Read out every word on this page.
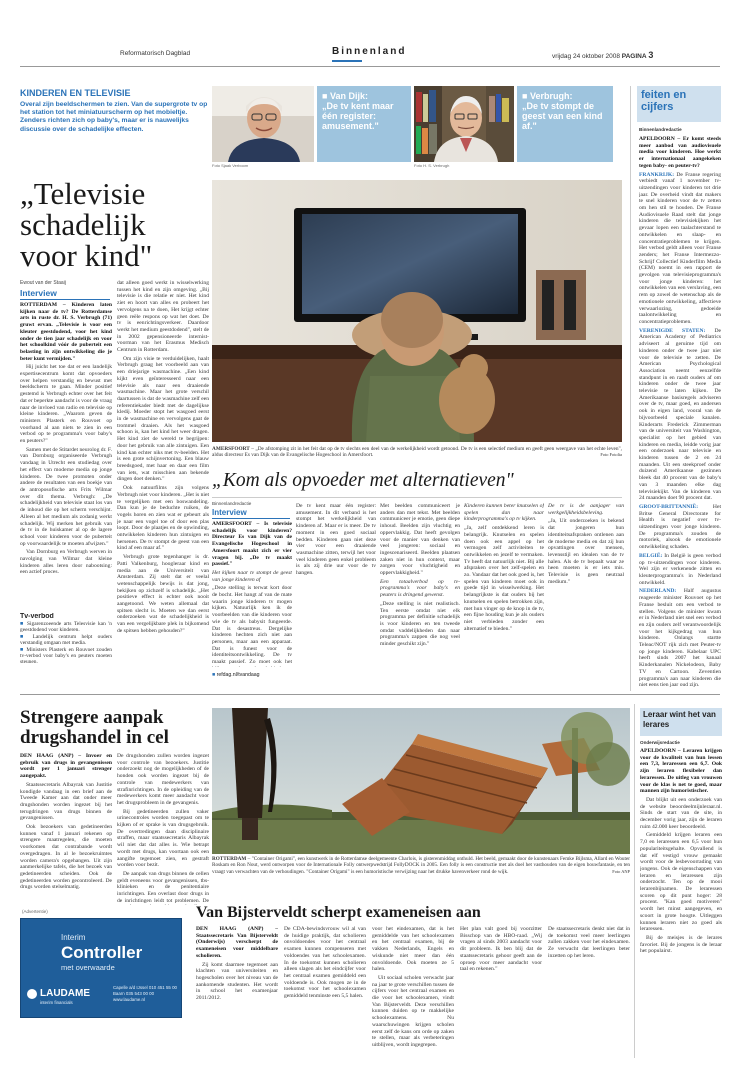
Reformatorisch Dagblad	Binnenland	vrijdag 24 oktober 2008 PAGINA 3
KINDEREN EN TELEVISIE
Overal zijn beeldschermen te zien. Van de supergrote tv op het station tot het miniatuurscherm op het mobieltje. Zenders richten zich op baby's, maar er is nauwelijks discussie over de schadelijke effecten.
Foto Sjaak Verboom
■ Van Dijk:
„De tv kent maar één register: amusement."
Foto H. S. Verbrugh
■ Verbrugh:
„De tv stompt de geest van een kind af."
feiten en
cijfers
Binnenlandredactie

APELDOORN – Er komt steeds meer aanbod van audiovisuele media voor kinderen. Hoe werkt er internationaal aangekeken tegen baby- en peuter-tv?

FRANKRIJK: De Franse regering verbiedt vanaf 1 november tv-uitzendingen voor kinderen tot drie jaar. De overheid vindt dat makers te snel kinderen voor de tv zetten om hen stil te houden. De Franse Audiovisuele Raad stelt dat jonge kinderen die televisiekijken het gevaar lopen een taalachterstand te ontwikkelen en slaap- en concentratieproblemen te krijgen. Het verbod geldt alleen voor Franse zenders; het Franse Intermezzo-Schrijf Collectief Kinderfilm Media (CEM) noemt in een rapport de gevolgen van televisieprogramma's voor jonge kinderen: het ontwikkelen van een verslaving, een rem op zowel de wetenschap als de emotionele ontwikkeling, affectieve verwaarlozing, gedoeide taalontwikkeling en concentratieproblemen.

VERENIGDE STATEN: De American Academy of Pediatrics adviseert al geruime tijd om kinderen onder de twee jaar niet voor de televisie te zetten. De American Psychological Association neemt eenzelfde standpunt in en raadt ouders af om kinderen onder de twee jaar televisie te laten kijken. De Amerikaanse basisregels adviseren over de tv, maar goed, en andersen ook in eigen land, vooral van de bijvoorbeeld speciale kanalen. Kinderarts Frederick Zimmerman van de universiteit van Washington, specialist op het gebied van kinderen en media, leidde vorig jaar een onderzoek naar televisie en kinderen tussen de 2 en 24 maanden. Uit een steekproef onder duizend Amerikaanse gezinnen bleek dat 40 procent van de baby's van 3 maanden elke dag televisiekijkt. Van de kinderen van 24 maanden doet 90 procent dat.

GROOT-BRITTANNIË:	Het Britse General Directorate for Health is negatief over tv-uitzendingen voor jonge kinderen. De programma's zouden de motoriek, alsook de emotionele ontwikkeling schaden.

BELGIË: In België is geen verbod op tv-uitzendingen voor kinderen. Wel zijn er verkenende zitten en kleuterprogramma's in Nederland ontwikkeld.

NEDERLAND: Half augustus reageerde minister Rouvoet op het Franse besluit om een verbod te stellen. Volgens de minister kwam er in Nederland niet snel een verbod en zijn ouders zelf verantwoordelijk voor het kijkgedrag van hun kinderen. Onlangs startte Teleac/NOT rijk zich met Peuter-tv op jonge kinderen. Kabelaar UPC heeft sinds 2007 het kanaal Kinderkanalen Nickelodeon, Baby TV en Cartoon. Zeventien programma's aan naar kinderen die niet eens tien jaar oud zijn.

„Televisie schadelijk voor kind"
AMERSFOORT – „De afstomping zit in het feit dat op de tv slechts een deel van de werkelijkheid wordt getoond. De tv is een selectief medium en geeft geen weergave van het echte leven", aldus directeur Es van Dijk van de Evangelische Hogeschool in Amersfoort.	Foto Fotolia
Ewout van der Staaij
Interview

ROTTERDAM – Kinderen laten kijken naar de tv? De Rotterdamse arts in ruste dr. H. S. Verbrugh (71) gruwt ervan. „Televisie is voor een kleuter geestdodend, voor het kind onder de tien jaar schadelijk en voor het schoolkind vóór de puberteit een belasting in zijn ontwikkeling die je beter kunt vermijden."

Hij juicht het toe dat er een landelijk expertisecentrum komt dat opvoeders over helpen verstandig en bewust met beeldscherm te gaan. Minder positief gestemd is Verbrugh echter over het feit dat er beperkte aandacht is voor de vraag naar de invloed van radio en televisie op kleine kinderen. „Waarom geven de ministers Plasterk en Rouvoet op voorhand al aan niets te zien in een verbod op te programma's voor baby's en peuters?"

Samen met de Stitardet neurolog dr. F. van Dornburg organiseerde Verbrugh vandaag in Utrecht een studiedag over het effect van moderne media op jonge kinderen. De twee promoten onder andere de resultaten van een boekje van de antroposofische arts Frits Wilmar over dit thema. Verbrugh: „De schadelijkheid van televisie staat los van de inhoud die op het scherm verschijnt. Alleen al het medium als zodanig werkt schadelijk. Wij merken het gebruik van de tv in de huiskamer al op de lagere school voor kinderen voor de puberteit op voorwaardelijk te moeten afwijzen."

Van Dornburg en Verbrugh werven in navolging van Wilmar dat kleine kinderen alles leren door nabootsing: een actief proces.

Tv-verbod
■ Sigarenzoeende arts Telesvisie kan 'n geestdodend voor kinderen.
■ Landelijk centrum helpt ouders verstandig omgaan met media.
■ Ministers Plasterk en Rouvoet zouden tv-verbod voor baby's en peuters moeten steunen.

dat alleen goed werkt in wisselwerking tussen het kind en zijn omgeving. „Bij televisie is die relatie er niet. Het kind ziet en hoort van alles en probeert het vervolgens na te doen, Het krijgt echter geen reële respons op wat het doet. De tv is eenrichtingsverkeer. Daardoor werkt het medium geestdodend", stelt de in 2002 gepensioneerde internist-voorman van het Erasmus Medisch Centrum in Rotterdam.

Om zijn visie te verduidelijken, haalt Verbrugh graag het voorbeeld aan van een driejarige wasmachine. „Een kind kijkt even geïnteresseerd naar een televisie als naar een draaiende wasmachine. Maar het grote verschil daartussen is dat de wasmachine zelf een referentiekader biedt met de dagelijkse kledij. Moeder stopt het wasgoed eerst in de wasmachine en vervolgens gaat de trommel draaien. Als het wasgoed schoon is, kan het kind het weer dragen. Het kind ziet de wereld te begrijpen: door het gebruik van alle zintuigen. Een kind kan echter niks met tv-beelden. Het is een grote schijnvertoning. Een blauw breedsgoed, met haar en daar een film van iets, wat misschien aan bekende dingen doet denken."

Ook natuurfilms zijn volgens Verbrugh niet voor kinderen. „Het is niet te vergelijken met een boswandeling. Dan kun je de beduchte ruiken, de vogels horen en zien wat er gebeurt als je naar een vogel toe of door een plas loopt. Door de plaatjes en de opwinding, ontwikkelen kinderen hun zintuigen en hersenen. De tv stompt de geest van een kind af een maar af."

Verbrugh grote tegenhanger is dr. Patti Valkenburg, hoogleraar kind en media aan de Universiteit van Amsterdam. Zij stelt dat er veelal wetenschappelijk bewijs is dat jong, bekijken op zichzelf is schadelijk. „Het positieve effect is echter ook nooit aangetoond. We weten allemaal dat spitsen slecht is. Moeten we dan eerst onderzoeken wat de schadelijkheid is van een vergelijkbare plek in bijkomend de spitsen hebben gehouden?"

■ refdag.nl/tvandaag
„Kom als opvoeder met alternatieven"
Binnenlandredactie
Interview

AMERSFOORT – Is televisie schadelijk voor kinderen? Directeur Es van Dijk van de Evangelische Hogeschool in Amersfoort maakt zich er vier vragen bij. „De tv maakt passief."

Het kijken naar tv stompt de geest van jonge kinderen af

„Deze stelling is terwat kort door de bocht. Het hangt af van de mate waarin jonge kinderen tv mogen kijken. Natuurlijk ken ik de voorbeelden van die kinderen voor wie de tv als babysit fungeerde. Dat is desastreus. Dergelijke kinderen hechten zich niet aan personen, maar aan een apparaat. Dat is funest voor de identiteitsontwikkeling. De tv maakt passief. Zo moet ook het

De tv kent maar één register: amusement. In dit verband is het stompt het werkelijkheid van kinderen af. Maar er is meer. De tv moment in een goed sociaal bedden. Kinderen gaan niet deze vier voor een draaiende wasmachine zitten, terwijl het voor veel kinderen geen enkel probleem is als zij drie uur voor de tv hangen.

Met beelden communiceert je anders dan met tekst. Met beelden communiceer je emotie, geen diepe inhoud. Beelden zijn vluchtig en oppervlakkig. Dat heeft gevolgen voor de manier van denken van veel jongeren: sociaal en ingescenariseerd. Beelden plaatsen zaken niet in hun context, maar zorgen voor vluchtigheid en oppervlakkigheid."

Een totaalverbod op tv-programma's voor baby's en peuters is dringend gewenst.

„Deze stelling is niet realistisch. Ten eerste omdat niet elk programma per definitie schadelijk is voor kinderen en ten tweede omdat vaddelijkheden dan naar programma's zappen die nog veel minder geschikt zijn."

Kinderen kunnen beter knutselen of spelen dan naar kinderprogramma's op tv kijken.

„Ja, zelf ontdekkend leren is belangrijk. Knutselen en spelen doen ook een appel op het vermogen zelf activiteiten te ontwikkelen en jezelf te vermaken. Tv heeft dat natuurlijk niet. Bij alle afspraken over het zelf-spelen en zo. Vandaar dat het ook goed is, het spelen van kinderen moet ook in goede tijd in wisselwerking. Het belangrijkste is dat ouders bij het knutselen en spelen betrokken zijn, met hun vinger op de knop in de tv, een fijne houding kun je als ouders niet verbieden zonder een alternatief te bieden."

De tv is de aanjager van werkgelijkheidsbeleving.

„Ja, Uit onderzoeken is bekend dat jongeren hun identiteitsafspraken ontlenen aan de moderne media en dat zij hun opvattingen over mensen, levensstijl en idealen van de tv halen. Als de tv bepaalt waar ze heen moeten is er iets mis. Televisie is geen neutraal medium."

Strengere aanpak drugshandel in cel

DEN HAAG (ANP) – Invoer en gebruik van drugs in gevangenissen wordt per 1 januari strenger aangepakt.

Staatssecretaris Albayrak van Justitie kondigde vandaag in een brief aan de Tweede Kamer aan dat onder meer drugshonden worden ingezet bij het terugdringen van drugs binnen de gevangenissen.

Ook bezoekers van gedetineerden kunnen vanaf 1 januari rekenen op strengere maatregelen, die moeten voorkomen dat contrabande wordt overgedragen. In al le bezoekruimtes worden camera's opgehangen. Uit zijn aanmerkelijke tafels, die het bezoek van gedetineerden scheiden. Ook de gedetineerden worden gecontroleerd. De drugs worden stelselmatig.

De drugshonden zullen worden ingezet voor controle van bezoekers. Justitie onderzoekt nog de mogelijkheden of de honden ook worden ingezet bij de controle van medewerkers van strafinrichtingen. In de opleiding van de medewerkers komt meer aandacht voor het drugsprobleem in de gevangenis.

Bij gedetineerden zullen vaker urinecontroles worden toegepast om te kijken of er sprake is van drugsgebruik. De overtredingen daan disciplinaire straffen, maar staatssecretaris Albayrak wil niet dat dat alles is. Wie betrapt wordt met drugs, kan voortaan ook een aangifte tegemoet zien, en gestraft worden voor bezit.

De aanpak van drugs binnen de cellen geldt eveneens voor gevangenissen, tbs-klinieken en de penitentiaire inrichtingen. Een overlast door drugs in de inrichtingen leidt tot problemen. De

ROTTERDAM – "Container Origami", een kunstwerk in de Rotterdamse deelgemeente Charlois, is gisterenmiddag onthuld. Het beeld, gemaakt door de kunstenaars Femke Bijlsma, Allard en Wouter Roskam en Ron Nout, werd ontworpen voor de Internationale Folly ontwerpwedstrijd FollyDOCK in 2005. Een folly is een constructie met als doel het vasthouden van de eigen bouwfantasie, en ten vraagt van verwachten van de verhoudingen. "Container Origami" is een humoristische verwijzing naar het drukke havenverkeer rond de wijk.	Foto ANP
Leraar wint het van lerares
Onderwijsredactie

APELDOORN – Leraren krijgen voor de kwaliteit van hun lessen een 7,3, leraressen een 6,7. Ook zijn leraren flexibeler dan leraressen. De uitleg van vrouwen voor de klas is net te goed, maar mannen zijn humoristischer.

Dat blijkt uit een onderzoek van de website beoordeelmijnleraar.nl. Sinds de start van de site, in december vorig jaar, zijn de leraren ruim 42.000 keer beoordeeld.

Gemiddeld krijgen leraren een 7,0 en leraressen een 6,5 voor hun populariteitsgehalte. Opvallend is dat elf vestigd vrouw gemaakt wordt voor de lesbevoorrading van jongens. Ook de eigenschappen van leraren en leraressen zijn onderzocht. Ten op de mooi lerarenbijnamen. De leraressen scoren op dit punt hoger: 28 procent. "Kan goed motiveren" wordt het minst aangegeven, en scoort in grote hoogte. Uitleggen kunnen leraren niet zo goed als leraressen.

Bij de meisjes is de lerares favoriet. Bij de jongens is de leraar het populairst.

(Advertentie)
Interim
Controller
met overwaarde
Capelle a/d IJssel 010 451 55 00
Baarn 035 543 00 00
www.laudame.nl
LAUDAME
interim financials
Van Bijsterveldt scherpt exameneisen aan

DEN HAAG (ANP) – Staatssecretaris Van Bijsterveldt (Onderwijs) verscherpt de exameneisen voor middelbare scholieren.

Zij komt daarmee tegemoet aan klachten van universiteiten en hogescholen over het niveau van de aankomende studenten. Het wordt in school het examenjaar 2011/2012.

De CDA-bewindsvrouw wil al van de huidige praktijk, dat scholieren onvoldoendes voor het centraal examen kunnen compenseren met voldoendes van het schoolexamen. In de toekomst kunnen scholieren alleen slagen als het eindcijfer voor het centraal examen gemiddeld een voldoende is. Ook mogen ze in de toekomst voor het schoolexamen gemiddeld tenminste een 5,5 halen.

voor het eindexamen, dat is het gemiddelde van het schoolexamen en het centraal examen, bij de vakken Nederlands, Engels en wiskunde niet meer dan één onvoldoende. Ook moeten ze 5 halen.

Uit sociaal scholen verwacht jaar na jaar te grote verschillen tussen de cijfers voor het centraal examen en die voor het schoolexamen, vindt Van Bijsterveldt. Deze verschillen kunnen duiden op te makkelijke schoolexamens. Nu waarschuwingen krijgen scholen eerst zelf de kans om orde op zaken te stellen, maar als verbeteringen uitblijven, wordt ingegrepen.

Het plan valt goed bij voorzitter Bisschop van de HBO-raad. „Wij vragen al sinds 2003 aandacht voor dit probleem. Ik ben blij dat de staatssecretaris gehoor geeft aan de oproep voor meer aandacht voor taal en rekenen."

De staatssecretaris denkt niet dat in de toekomst veel meer leerlingen zullen zakken voor het eindexamen. Ze verwacht dat leerlingen beter inzetten op het leren.
